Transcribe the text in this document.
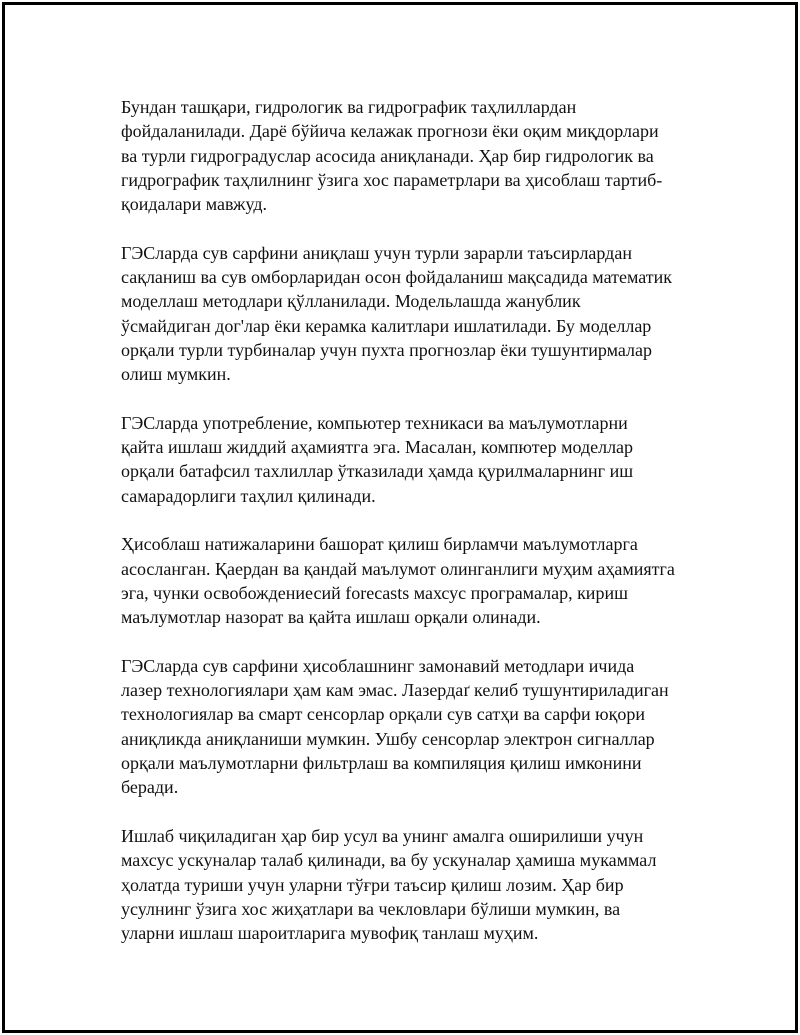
Бундан ташқари, гидрологик ва гидрографик таҳлиллардан
фойдаланилади. Дарё бўйича келажак прогнози ёки оқим миқдорлари
ва турли гидроградуслар асосида аниқланади. Ҳар бир гидрологик ва
гидрографик таҳлилнинг ўзига хос параметрлари ва ҳисоблаш тартиб-
қоидалари мавжуд.

ГЭСларда сув сарфини аниқлаш учун турли зарарли таъсирлардан
сақланиш ва сув омборларидан осон фойдаланиш мақсадида математик
моделлаш методлари қўлланилади. Модельлашда жанублик
ўсмайдиган дог'лар ёки керамка калитлари ишлатилади. Бу моделлар
орқали турли турбиналар учун пухта прогнозлар ёки тушунтирмалар
олиш мумкин.

ГЭСларда употребление, компьютер техникаси ва маълумотларни
қайта ишлаш жиддий аҳамиятга эга. Масалан, компютер моделлар
орқали батафсил тахлиллар ўтказилади ҳамда қурилмаларнинг иш
самарадорлиги таҳлил қилинади.

Ҳисоблаш натижаларини башорат қилиш бирламчи маълумотларга
асосланган. Қаердан ва қандай маълумот олинганлиги муҳим аҳамиятга
эга, чунки освобождениесий forecasts махсус програмалар, кириш
маълумотлар назорат ва қайта ишлаш орқали олинади.

ГЭСларда сув сарфини ҳисоблашнинг замонавий методлари ичида
лазер технологиялари ҳам кам эмас. Лазердаґ келиб тушунтириладиган
технологиялар ва смарт сенсорлар орқали сув сатҳи ва сарфи юқори
аниқликда аниқланиши мумкин. Ушбу сенсорлар электрон сигналлар
орқали маълумотларни фильтрлаш ва компиляция қилиш имконини
беради.

Ишлаб чиқиладиган ҳар бир усул ва унинг амалга оширилиши учун
махсус ускуналар талаб қилинади, ва бу ускуналар ҳамиша мукаммал
ҳолатда туриши учун уларни тўғри таъсир қилиш лозим. Ҳар бир
усулнинг ўзига хос жиҳатлари ва чекловлари бўлиши мумкин, ва
уларни ишлаш шароитларига мувофиқ танлаш муҳим.
